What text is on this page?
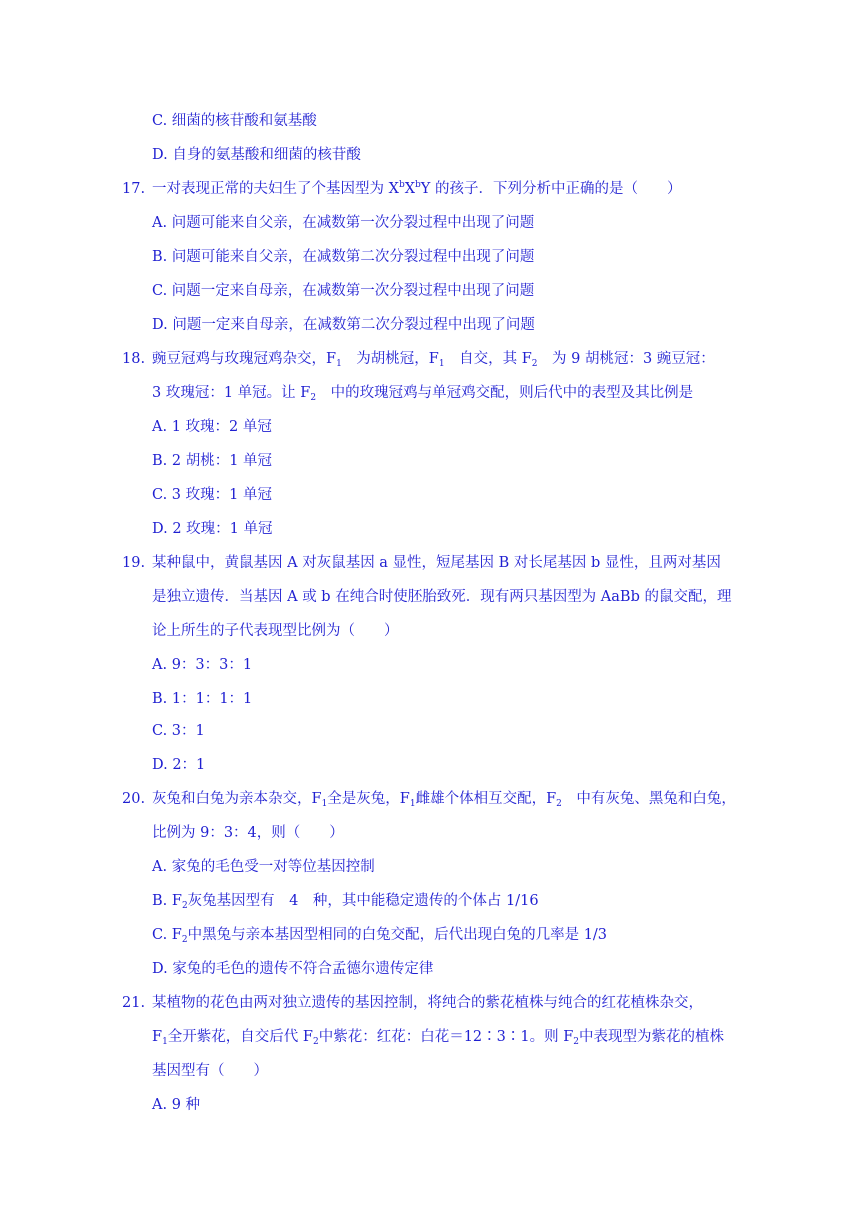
C. 细菌的核苷酸和氨基酸
D. 自身的氨基酸和细菌的核苷酸
17. 一对表现正常的夫妇生了个基因型为 $X^bX^bY$ 的孩子．下列分析中正确的是（　　）
A. 问题可能来自父亲，在减数第一次分裂过程中出现了问题
B. 问题可能来自父亲，在减数第二次分裂过程中出现了问题
C. 问题一定来自母亲，在减数第一次分裂过程中出现了问题
D. 问题一定来自母亲，在减数第二次分裂过程中出现了问题
18. 豌豆冠鸡与玫瑰冠鸡杂交，$F_1$　 为胡桃冠，$F_1$　 自交，其 $F_2$　 为 9 胡桃冠：3 豌豆冠：
3 玫瑰冠：1 单冠。让 $F_2$　 中的玫瑰冠鸡与单冠鸡交配，则后代中的表型及其比例是
A. 1 玫瑰：2 单冠
B. 2 胡桃：1 单冠
C. 3 玫瑰：1 单冠
D. 2 玫瑰：1 单冠
19. 某种鼠中，黄鼠基因 A 对灰鼠基因 a 显性，短尾基因 B 对长尾基因 b 显性，且两对基因
是独立遗传．当基因 A 或 b 在纯合时使胚胎致死．现有两只基因型为 AaBb 的鼠交配，理
论上所生的子代表现型比例为（　　）
A. 9：3：3：1
B. 1：1：1：1
C. 3：1
D. 2：1
20. 灰兔和白兔为亲本杂交，$F_1$全是灰兔，$F_1$雌雄个体相互交配，$F_2$　 中有灰兔、黑兔和白兔，
比例为 9：3：4，则（　　）
A. 家兔的毛色受一对等位基因控制
B. $F_2$灰兔基因型有　4　种，其中能稳定遗传的个体占 1/16
C. $F_2$中黑兔与亲本基因型相同的白兔交配，后代出现白兔的几率是 1/3
D. 家兔的毛色的遗传不符合孟德尔遗传定律
21. 某植物的花色由两对独立遗传的基因控制，将纯合的紫花植株与纯合的红花植株杂交，
$F_1$全开紫花，自交后代 $F_2$中紫花：红花：白花＝12∶3∶1。则 $F_2$中表现型为紫花的植株
基因型有（　　）
A. 9 种
